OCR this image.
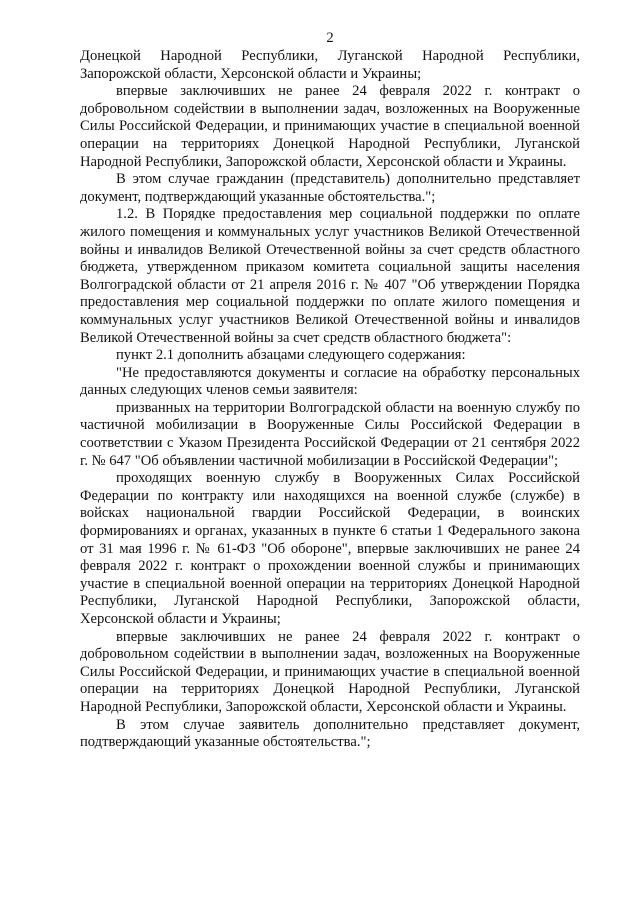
2

Донецкой Народной Республики, Луганской Народной Республики, Запорожской области, Херсонской области и Украины;

впервые заключивших не ранее 24 февраля 2022 г. контракт о добровольном содействии в выполнении задач, возложенных на Вооруженные Силы Российской Федерации, и принимающих участие в специальной военной операции на территориях Донецкой Народной Республики, Луганской Народной Республики, Запорожской области, Херсонской области и Украины.

В этом случае гражданин (представитель) дополнительно представляет документ, подтверждающий указанные обстоятельства.";

1.2. В Порядке предоставления мер социальной поддержки по оплате жилого помещения и коммунальных услуг участников Великой Отечественной войны и инвалидов Великой Отечественной войны за счет средств областного бюджета, утвержденном приказом комитета социальной защиты населения Волгоградской области от 21 апреля 2016 г. № 407 "Об утверждении Порядка предоставления мер социальной поддержки по оплате жилого помещения и коммунальных услуг участников Великой Отечественной войны и инвалидов Великой Отечественной войны за счет средств областного бюджета":

пункт 2.1 дополнить абзацами следующего содержания:

"Не предоставляются документы и согласие на обработку персональных данных следующих членов семьи заявителя:

призванных на территории Волгоградской области на военную службу по частичной мобилизации в Вооруженные Силы Российской Федерации в соответствии с Указом Президента Российской Федерации от 21 сентября 2022 г. № 647 "Об объявлении частичной мобилизации в Российской Федерации";

проходящих военную службу в Вооруженных Силах Российской Федерации по контракту или находящихся на военной службе (службе) в войсках национальной гвардии Российской Федерации, в воинских формированиях и органах, указанных в пункте 6 статьи 1 Федерального закона от 31 мая 1996 г. № 61-ФЗ "Об обороне", впервые заключивших не ранее 24 февраля 2022 г. контракт о прохождении военной службы и принимающих участие в специальной военной операции на территориях Донецкой Народной Республики, Луганской Народной Республики, Запорожской области, Херсонской области и Украины;

впервые заключивших не ранее 24 февраля 2022 г. контракт о добровольном содействии в выполнении задач, возложенных на Вооруженные Силы Российской Федерации, и принимающих участие в специальной военной операции на территориях Донецкой Народной Республики, Луганской Народной Республики, Запорожской области, Херсонской области и Украины.

В этом случае заявитель дополнительно представляет документ, подтверждающий указанные обстоятельства.";
